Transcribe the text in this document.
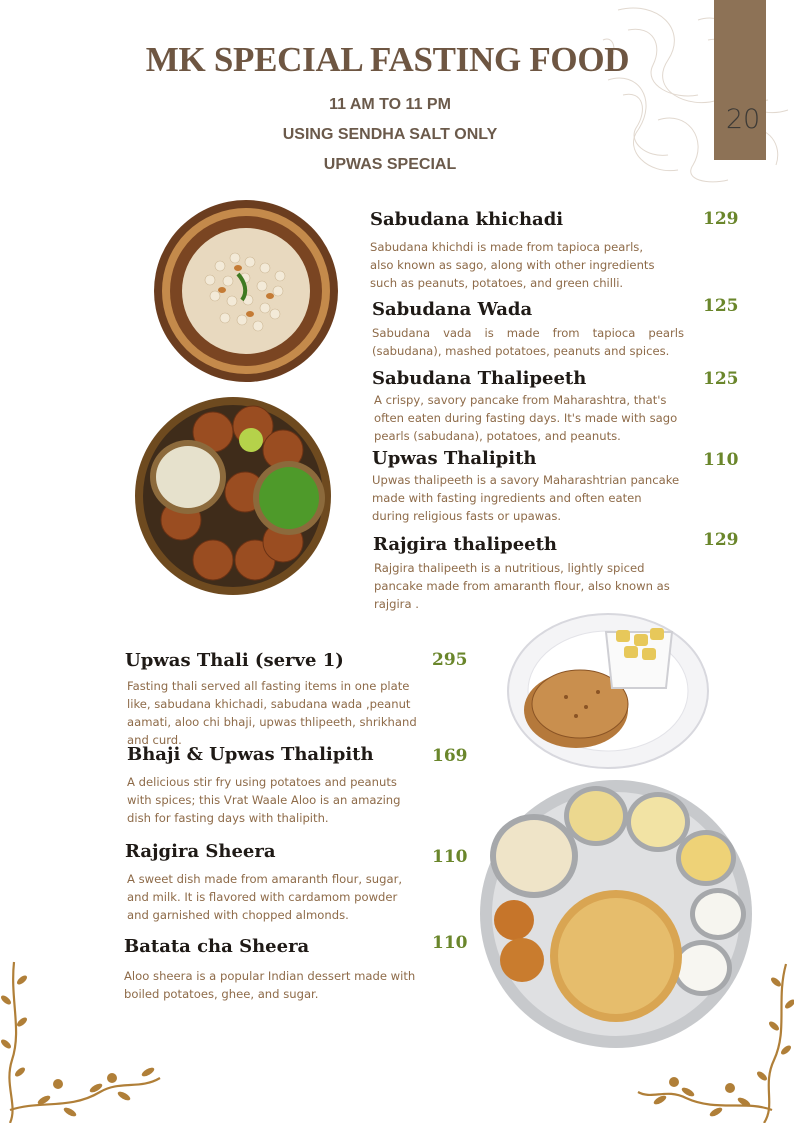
20
MK SPECIAL FASTING FOOD
11 AM TO 11 PM
USING SENDHA SALT ONLY
UPWAS SPECIAL
Sabudana khichadi	129
Sabudana khichdi is made from tapioca pearls, also known as sago, along with other ingredients such as peanuts, potatoes, and green chilli.
Sabudana Wada	125
Sabudana vada is made from tapioca pearls (sabudana), mashed potatoes, peanuts and spices.
Sabudana Thalipeeth	125
A crispy, savory pancake from Maharashtra, that's often eaten during fasting days. It's made with sago pearls (sabudana), potatoes, and peanuts.
Upwas Thalipith	110
Upwas thalipeeth is a savory Maharashtrian pancake made with fasting ingredients and often eaten during religious fasts or upawas.
Rajgira thalipeeth	129
Rajgira thalipeeth is a nutritious, lightly spiced pancake made from amaranth flour, also known as rajgira .
Upwas Thali (serve 1)	295
Fasting thali served all fasting items in one plate like, sabudana khichadi, sabudana wada ,peanut aamati, aloo chi bhaji, upwas thlipeeth, shrikhand and curd.
Bhaji & Upwas Thalipith	169
A delicious stir fry using potatoes and peanuts with spices; this Vrat Waale Aloo is an amazing dish for fasting days with thalipith.
Rajgira Sheera	110
A sweet dish made from amaranth flour, sugar, and milk. It is flavored with cardamom powder and garnished with chopped almonds.
Batata cha Sheera	110
Aloo sheera is a popular Indian dessert made with boiled potatoes, ghee, and sugar.
